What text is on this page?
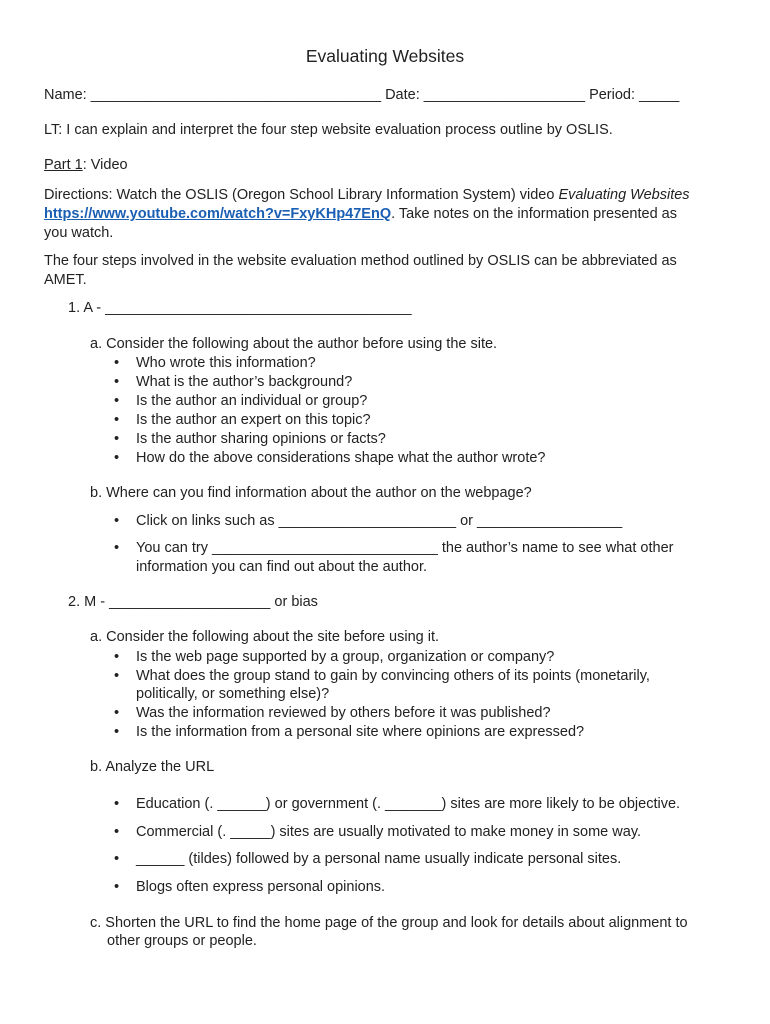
Evaluating Websites
Name: ____________________________________ Date: ____________________ Period: _____
LT: I can explain and interpret the four step website evaluation process outline by OSLIS.
Part 1: Video
Directions: Watch the OSLIS (Oregon School Library Information System) video Evaluating Websites
https://www.youtube.com/watch?v=FxyKHp47EnQ. Take notes on the information presented as
you watch.
The four steps involved in the website evaluation method outlined by OSLIS can be abbreviated as
AMET.
1. A - ______________________________________
a. Consider the following about the author before using the site.
• Who wrote this information?
• What is the author’s background?
• Is the author an individual or group?
• Is the author an expert on this topic?
• Is the author sharing opinions or facts?
• How do the above considerations shape what the author wrote?
b. Where can you find information about the author on the webpage?
• Click on links such as ______________________ or __________________
• You can try ____________________________ the author’s name to see what other
information you can find out about the author.
2. M - ____________________ or bias
a. Consider the following about the site before using it.
• Is the web page supported by a group, organization or company?
• What does the group stand to gain by convincing others of its points (monetarily,
politically, or something else)?
• Was the information reviewed by others before it was published?
• Is the information from a personal site where opinions are expressed?
b. Analyze the URL
• Education (. ______) or government (. _______) sites are more likely to be objective.
• Commercial (. _____) sites are usually motivated to make money in some way.
• ______ (tildes) followed by a personal name usually indicate personal sites.
• Blogs often express personal opinions.
c. Shorten the URL to find the home page of the group and look for details about alignment to
other groups or people.
